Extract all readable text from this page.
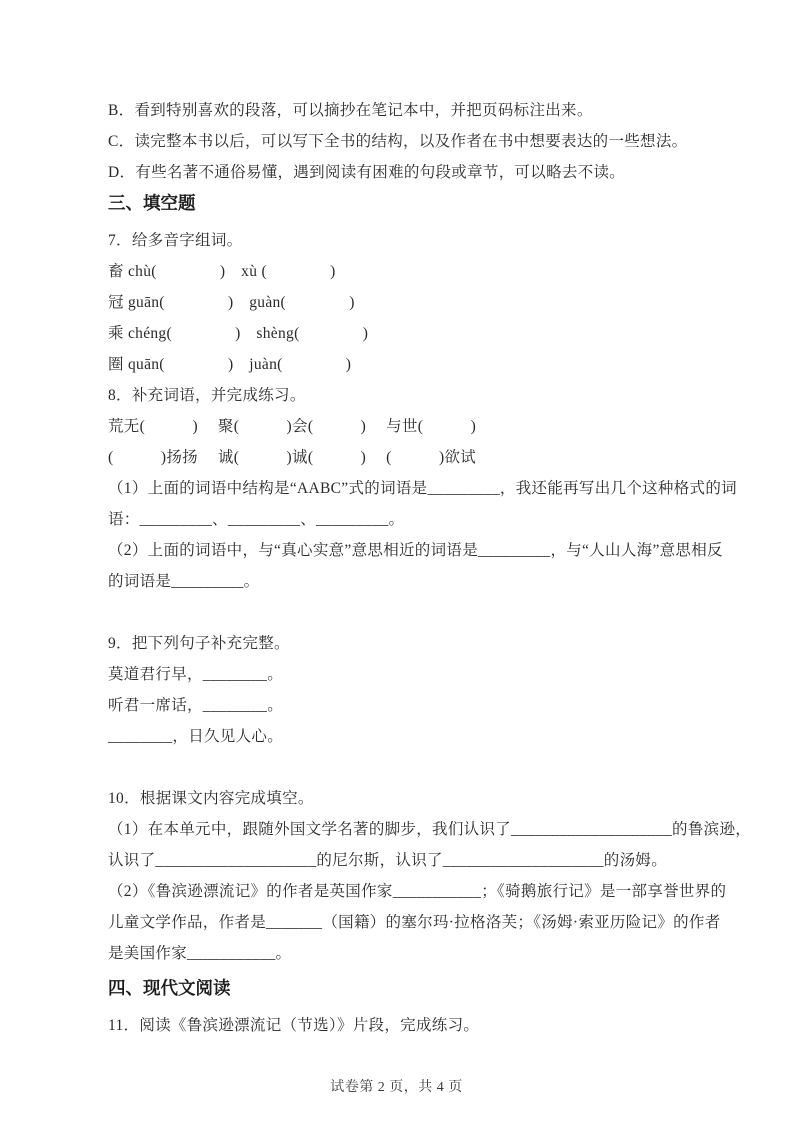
B．看到特别喜欢的段落，可以摘抄在笔记本中，并把页码标注出来。
C．读完整本书以后，可以写下全书的结构，以及作者在书中想要表达的一些想法。
D．有些名著不通俗易懂，遇到阅读有困难的句段或章节，可以略去不读。
三、填空题
7．给多音字组词。
畜 chù(　　　　)　xù (　　　　)
冠 guān(　　　　)　guàn(　　　　)
乘 chéng(　　　　)　shèng(　　　　)
圈 quān(　　　　)　juàn(　　　　)
8．补充词语，并完成练习。
荒无(　　　)　 聚(　　　)会(　　　)　 与世(　　　)
(　　　)扬扬　 诚(　　　)诚(　　　)　 (　　　)欲试
（1）上面的词语中结构是“AABC”式的词语是_________，我还能再写出几个这种格式的词
语：_________、_________、_________。
（2）上面的词语中，与“真心实意”意思相近的词语是_________，与“人山人海”意思相反
的词语是_________。
9．把下列句子补充完整。
莫道君行早，________。
听君一席话，________。
________，日久见人心。
10．根据课文内容完成填空。
（1）在本单元中，跟随外国文学名著的脚步，我们认识了____________________的鲁滨逊，
认识了____________________的尼尔斯，认识了____________________的汤姆。
（2）《鲁滨逊漂流记》的作者是英国作家___________；《骑鹅旅行记》是一部享誉世界的
儿童文学作品，作者是_______（国籍）的塞尔玛·拉格洛芙；《汤姆·索亚历险记》的作者
是美国作家___________。
四、现代文阅读
11．阅读《鲁滨逊漂流记（节选）》片段，完成练习。
试卷第 2 页，共 4 页
